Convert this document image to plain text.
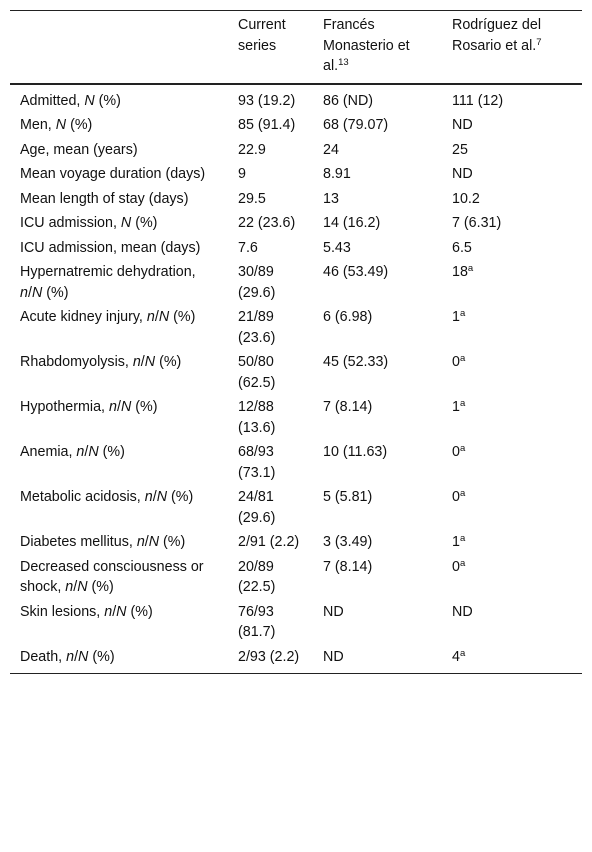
	Current series	Francés Monasterio et al.$^{13}$	Rodríguez del Rosario et al.$^7$
Admitted, N (%)	93 (19.2)	86 (ND)	111 (12)
Men, N (%)	85 (91.4)	68 (79.07)	ND
Age, mean (years)	22.9	24	25
Mean voyage duration (days)	9	8.91	ND
Mean length of stay (days)	29.5	13	10.2
ICU admission, N (%)	22 (23.6)	14 (16.2)	7 (6.31)
ICU admission, mean (days)	7.6	5.43	6.5
Hypernatremic dehydration, n/N (%)	30/89 (29.6)	46 (53.49)	18$^a$
Acute kidney injury, n/N (%)	21/89 (23.6)	6 (6.98)	1$^a$
Rhabdomyolysis, n/N (%)	50/80 (62.5)	45 (52.33)	0$^a$
Hypothermia, n/N (%)	12/88 (13.6)	7 (8.14)	1$^a$
Anemia, n/N (%)	68/93 (73.1)	10 (11.63)	0$^a$
Metabolic acidosis, n/N (%)	24/81 (29.6)	5 (5.81)	0$^a$
Diabetes mellitus, n/N (%)	2/91 (2.2)	3 (3.49)	1$^a$
Decreased consciousness or shock, n/N (%)	20/89 (22.5)	7 (8.14)	0$^a$
Skin lesions, n/N (%)	76/93 (81.7)	ND	ND
Death, n/N (%)	2/93 (2.2)	ND	4$^a$
